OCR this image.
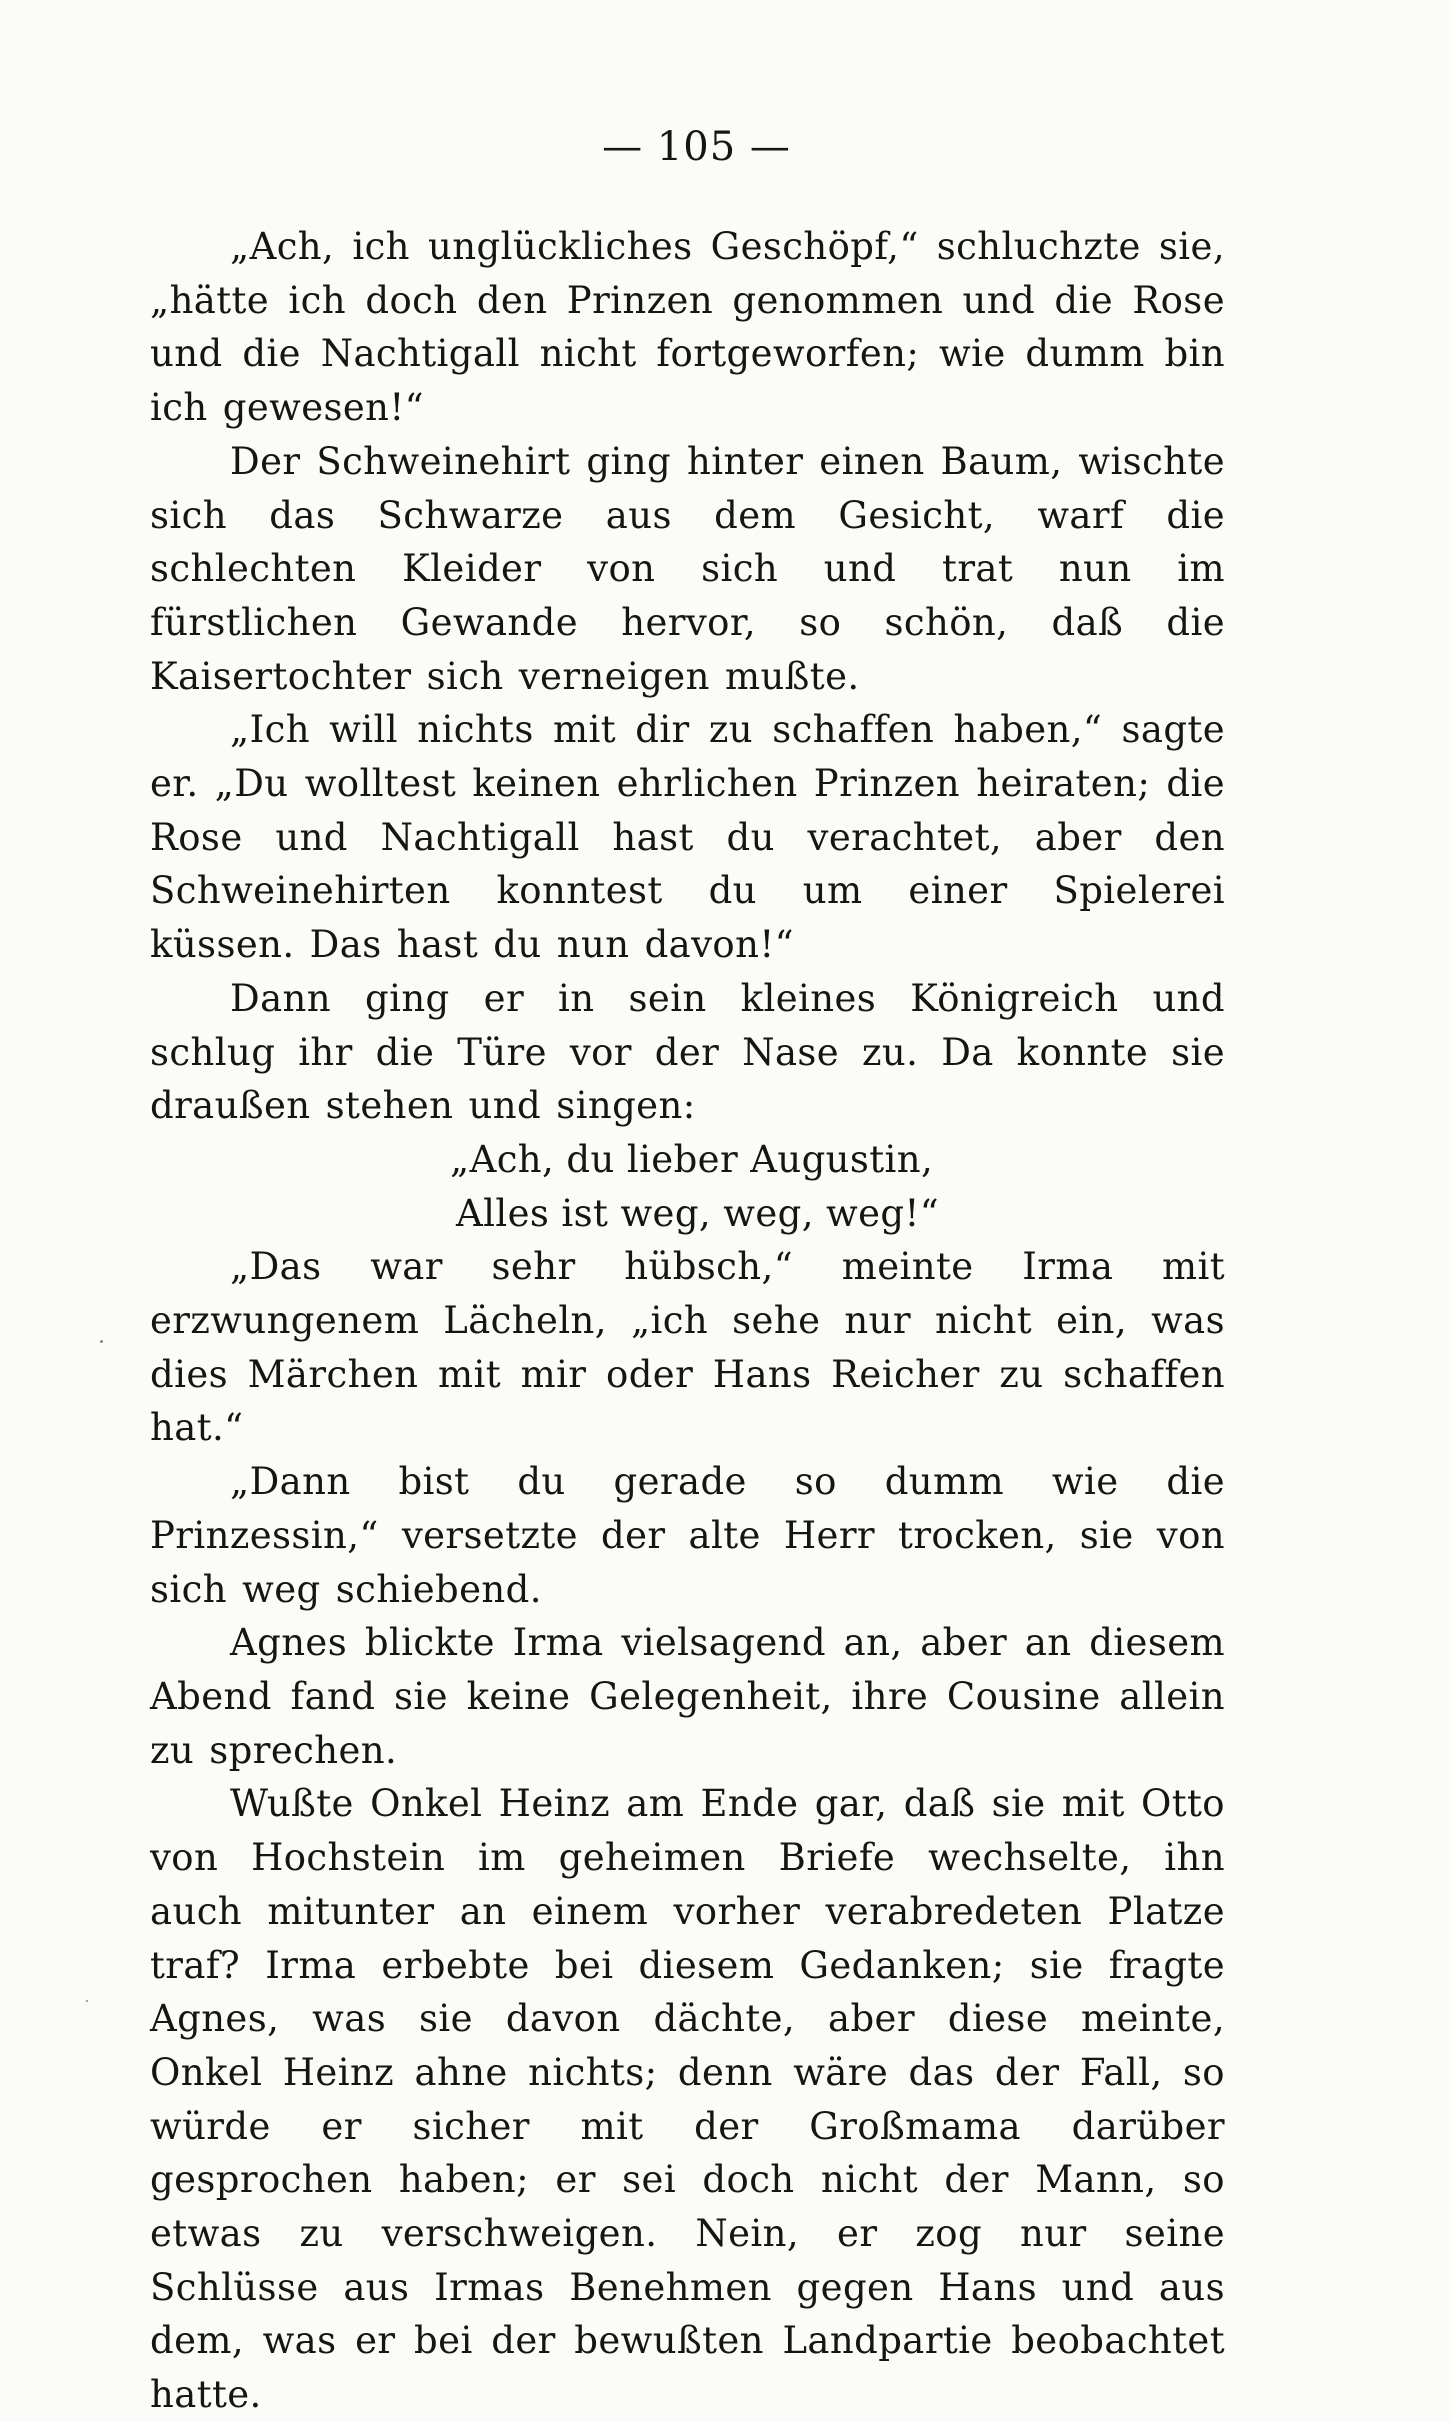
— 105 —

„Ach, ich unglückliches Geschöpf,“ schluchzte sie, „hätte ich doch den Prinzen genommen und die Rose und die Nachtigall nicht fortgeworfen; wie dumm bin ich gewesen!“

Der Schweinehirt ging hinter einen Baum, wischte sich das Schwarze aus dem Gesicht, warf die schlechten Kleider von sich und trat nun im fürstlichen Gewande hervor, so schön, daß die Kaisertochter sich verneigen mußte.

„Ich will nichts mit dir zu schaffen haben,“ sagte er. „Du wolltest keinen ehrlichen Prinzen heiraten; die Rose und Nachtigall hast du verachtet, aber den Schweinehirten konntest du um einer Spielerei küssen. Das hast du nun davon!“

Dann ging er in sein kleines Königreich und schlug ihr die Türe vor der Nase zu. Da konnte sie draußen stehen und singen:

„Ach, du lieber Augustin,
Alles ist weg, weg, weg!“

„Das war sehr hübsch,“ meinte Irma mit erzwungenem Lächeln, „ich sehe nur nicht ein, was dies Märchen mit mir oder Hans Reicher zu schaffen hat.“

„Dann bist du gerade so dumm wie die Prinzessin,“ versetzte der alte Herr trocken, sie von sich weg schiebend.

Agnes blickte Irma vielsagend an, aber an diesem Abend fand sie keine Gelegenheit, ihre Cousine allein zu sprechen.

Wußte Onkel Heinz am Ende gar, daß sie mit Otto von Hochstein im geheimen Briefe wechselte, ihn auch mitunter an einem vorher verabredeten Platze traf? Irma erbebte bei diesem Gedanken; sie fragte Agnes, was sie davon dächte, aber diese meinte, Onkel Heinz ahne nichts; denn wäre das der Fall, so würde er sicher mit der Großmama darüber gesprochen haben; er sei doch nicht der Mann, so etwas zu verschweigen. Nein, er zog nur seine Schlüsse aus Irmas Benehmen gegen Hans und aus dem, was er bei der bewußten Landpartie beobachtet hatte.
